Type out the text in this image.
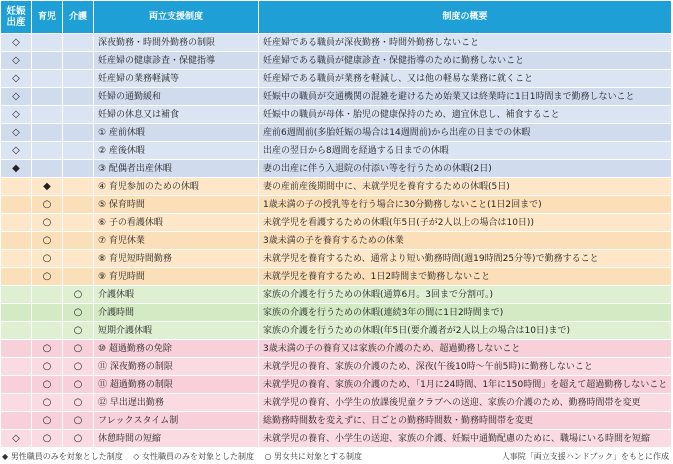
妊娠
出産	育児	介護	両立支援制度	制度の概要
◇			深夜勤務・時間外勤務の制限	妊産婦である職員が深夜勤務・時間外勤務しないこと
◇			妊産婦の健康診査・保健指導	妊産婦である職員が健康診査・保健指導のために勤務しないこと
◇			妊産婦の業務軽減等	妊産婦である職員が業務を軽減し、又は他の軽易な業務に就くこと
◇			妊婦の通勤緩和	妊娠中の職員が交通機関の混雑を避けるため始業又は終業時に1日1時間まで勤務しないこと
◇			妊婦の休息又は補食	妊娠中の職員が母体・胎児の健康保持のため、適宜休息し、補食すること
◇			① 産前休暇	産前6週間前(多胎妊娠の場合は14週間前)から出産の日までの休暇
◇			② 産後休暇	出産の翌日から8週間を経過する日までの休暇
◆			③ 配偶者出産休暇	妻の出産に伴う入退院の付添い等を行うための休暇(2日)
	◆		④ 育児参加のための休暇	妻の産前産後期間中に、未就学児を養育するための休暇(5日)
	○		⑤ 保育時間	1歳未満の子の授乳等を行う場合に30分勤務しないこと(1日2回まで)
	○		⑥ 子の看護休暇	未就学児を看護するための休暇(年5日(子が2人以上の場合は10日))
	○		⑦ 育児休業	3歳未満の子を養育するための休業
	○		⑧ 育児短時間勤務	未就学児を養育するため、通常より短い勤務時間(週19時間25分等)で勤務すること
	○		⑨ 育児時間	未就学児を養育するため、1日2時間まで勤務しないこと
		○	介護休暇	家族の介護を行うための休暇(通算6月。3回まで分割可。)
		○	介護時間	家族の介護を行うための休暇(連続3年の間に1日2時間まで)
		○	短期介護休暇	家族の介護を行うための休暇(年5日(要介護者が2人以上の場合は10日)まで)
	○	○	⑩ 超過勤務の免除	3歳未満の子の養育又は家族の介護のため、超過勤務しないこと
	○	○	⑪ 深夜勤務の制限	未就学児の養育、家族の介護のため、深夜(午後10時〜午前5時)に勤務しないこと
	○	○	⑪ 超過勤務の制限	未就学児の養育、家族の介護のため、「1月に24時間、1年に150時間」を超えて超過勤務しないこと
	○	○	⑫ 早出遅出勤務	未就学児の養育、小学生の放課後児童クラブへの送迎、家族の介護のため、勤務時間帯を変更
	○	○	フレックスタイム制	総勤務時間数を変えずに、日ごとの勤務時間数・勤務時間帯を変更
◇	○	○	休憩時間の短縮	未就学児の養育、小学生の送迎、家族の介護、妊娠中通勤配慮のために、職場にいる時間を短縮
◆ 男性職員のみを対象とした制度 ◇ 女性職員のみを対象とした制度 ○ 男女共に対象とする制度	人事院「両立支援ハンドブック」をもとに作成
